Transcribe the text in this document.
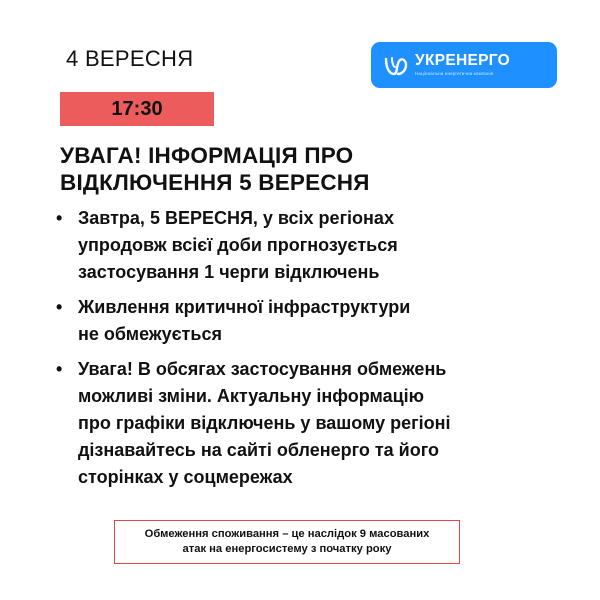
4 ВЕРЕСНЯ	УКРЕНЕРГО
Національна енергетична компанія
17:30
УВАГА! ІНФОРМАЦІЯ ПРО
ВІДКЛЮЧЕННЯ 5 ВЕРЕСНЯ
• Завтра, 5 ВЕРЕСНЯ, у всіх регіонах
упродовж всієї доби прогнозується
застосування 1 черги відключень
• Живлення критичної інфраструктури
не обмежується
• Увага! В обсягах застосування обмежень
можливі зміни. Актуальну інформацію
про графіки відключень у вашому регіоні
дізнавайтесь на сайті обленерго та його
сторінках у соцмережах
Обмеження споживання – це наслідок 9 масованих
атак на енергосистему з початку року
